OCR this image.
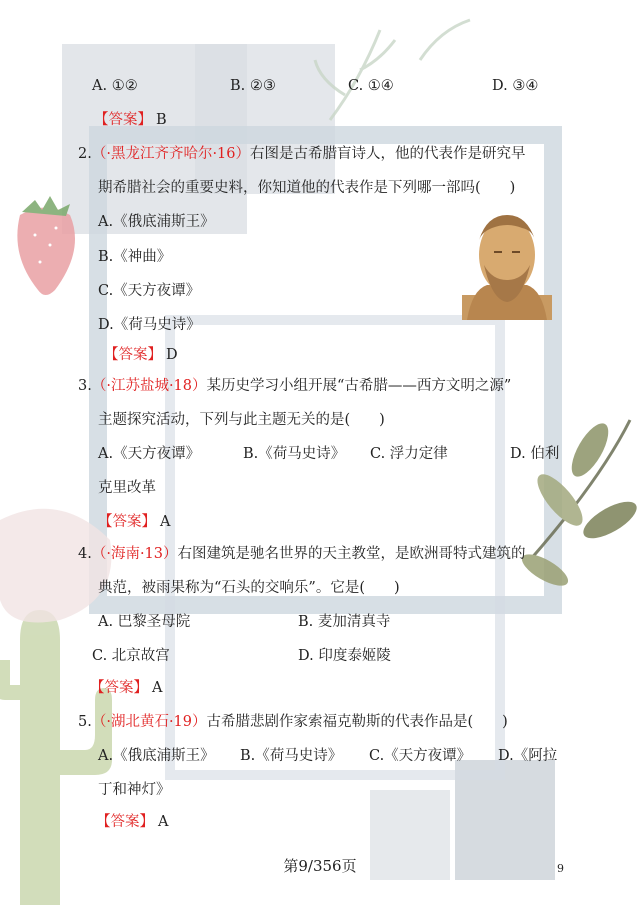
A. ①②	B. ②③	C. ①④	D. ③④
【答案】 B
2.（·黑龙江齐齐哈尔·16）右图是古希腊盲诗人，他的代表作是研究早
期希腊社会的重要史料，你知道他的代表作是下列哪一部吗(　　)
A.《俄底浦斯王》
B.《神曲》
C.《天方夜谭》
D.《荷马史诗》
【答案】 D
3.（·江苏盐城·18）某历史学习小组开展“古希腊——西方文明之源”
主题探究活动，下列与此主题无关的是(　　)
A.《天方夜谭》	B.《荷马史诗》 C. 浮力定律	D. 伯利
克里改革
【答案】 A
4.（·海南·13）右图建筑是驰名世界的天主教堂，是欧洲哥特式建筑的
典范，被雨果称为“石头的交响乐”。它是(　　)
A. 巴黎圣母院	B. 麦加清真寺
C. 北京故宫	D. 印度泰姬陵
【答案】 A
5.（·湖北黄石·19）古希腊悲剧作家索福克勒斯的代表作品是(　　)
A.《俄底浦斯王》 B.《荷马史诗》 C.《天方夜谭》 D.《阿拉
丁和神灯》
【答案】 A
第9/356页	9
